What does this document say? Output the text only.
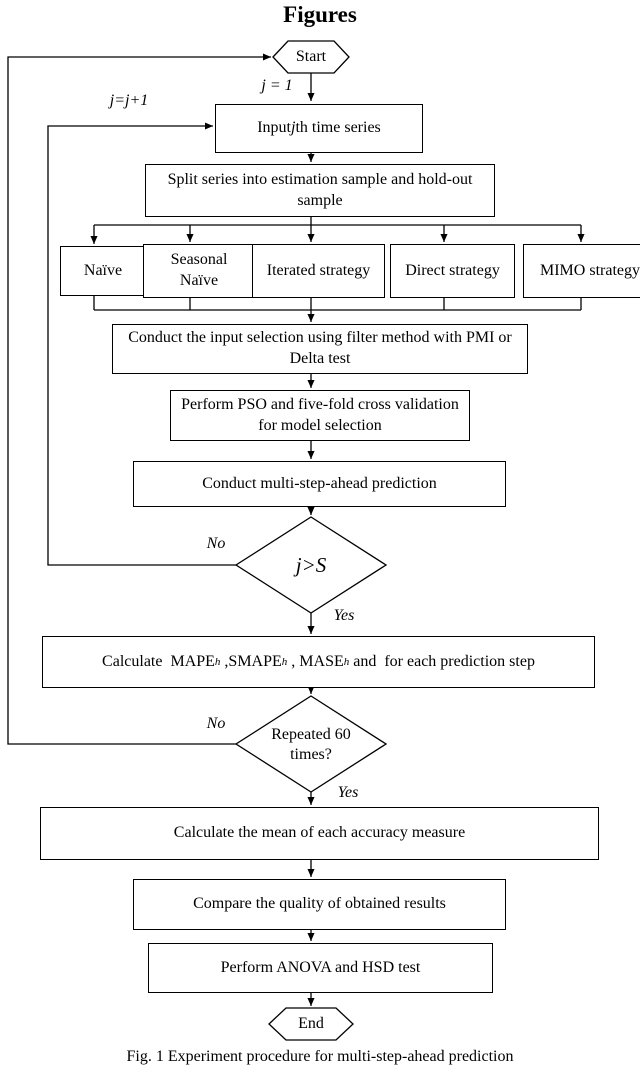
Figures
Start
j = 1
j=j+1
Input j th time series
Split series into estimation sample and hold-out sample
Naïve
Seasonal Naïve
Iterated strategy	Direct strategy	MIMO strategy
Conduct the input selection using filter method with PMI or Delta test
Perform PSO and five-fold cross validation for model selection
Conduct multi-step-ahead prediction
j>S
No
Yes
Calculate  MAPE h ,SMAPE h , MASE h and  for each prediction step
Repeated 60 times?
No
Yes
Calculate the mean of each accuracy measure
Compare the quality of obtained results
Perform ANOVA and HSD test
End
Fig. 1 Experiment procedure for multi-step-ahead prediction
